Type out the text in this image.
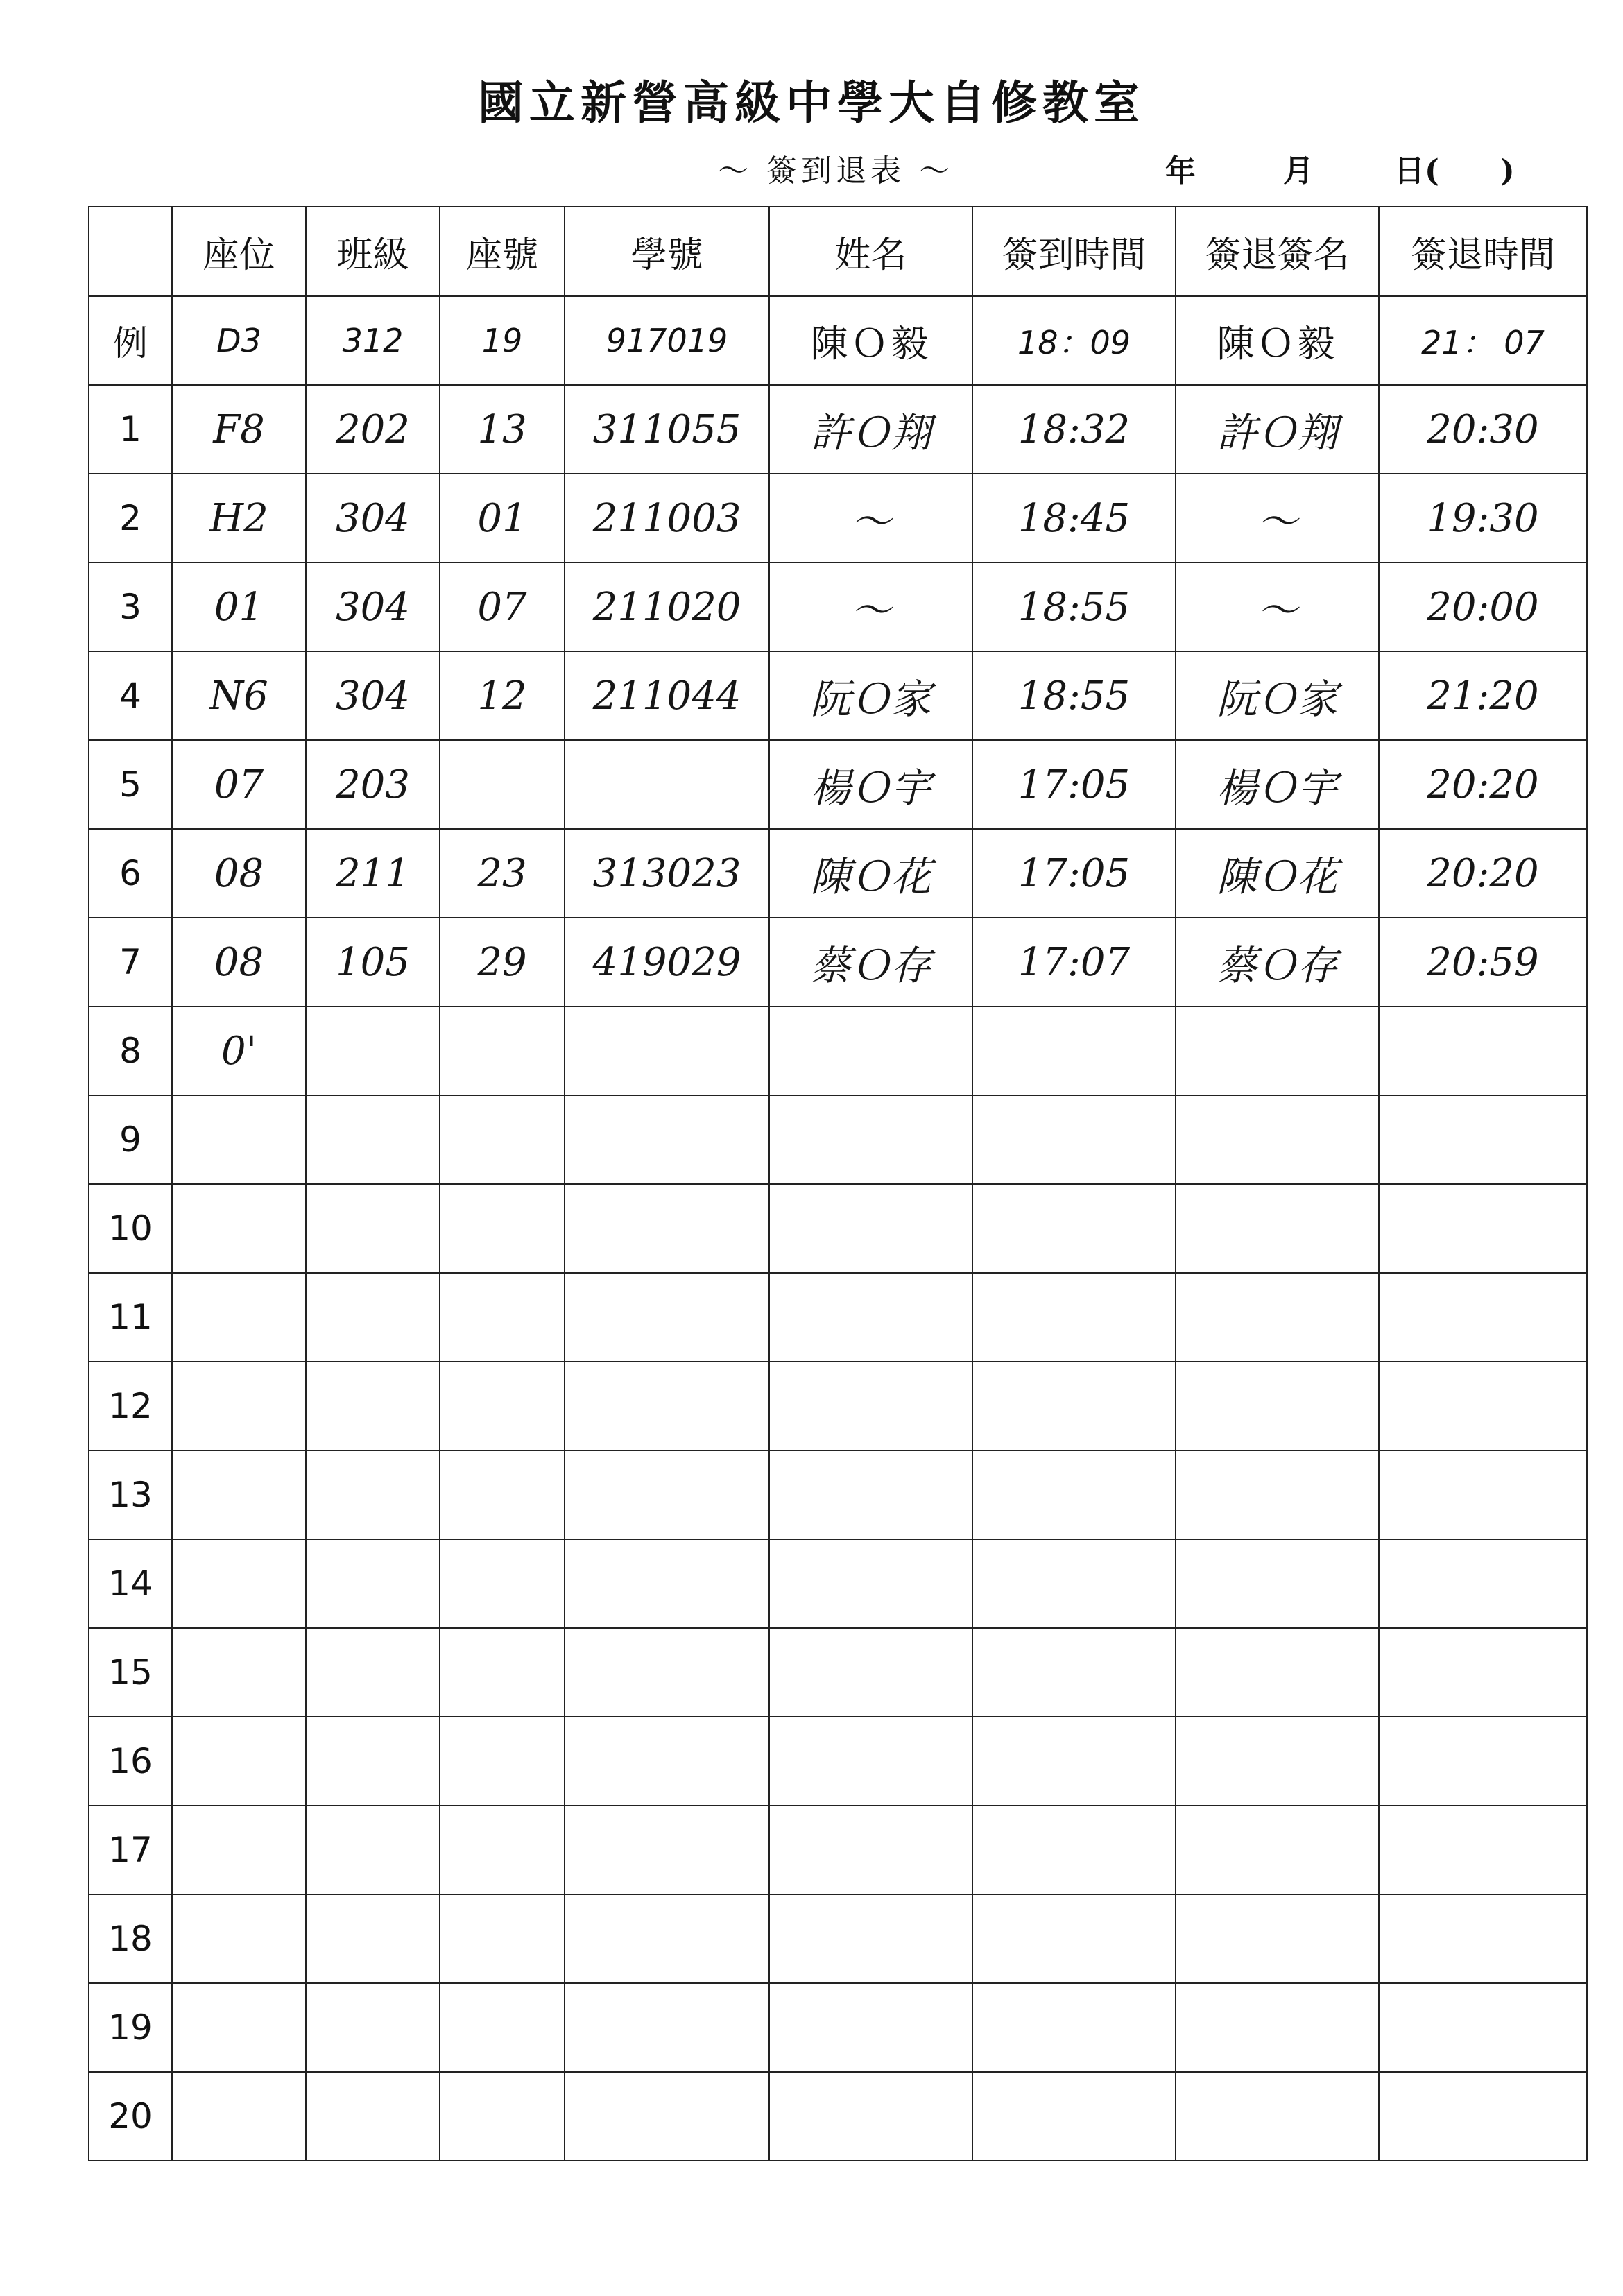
國立新營高級中學大自修教室
～ 簽到退表 ～	年	月	日(　　)
	座位	班級	座號	學號	姓名	簽到時間	簽退簽名	簽退時間
例	D3	312	19	917019	陳Ｏ毅	18：09	陳Ｏ毅	21： 07
1	F8	202	13	311055	許Ｏ翔	18:32	許Ｏ翔	20:30
2	H2	304	01	211003	～	18:45	～	19:30
3	01	304	07	211020	～	18:55	～	20:00
4	N6	304	12	211044	阮Ｏ家	18:55	阮Ｏ家	21:20
5	07	203			楊Ｏ宇	17:05	楊Ｏ宇	20:20
6	08	211	23	313023	陳Ｏ花	17:05	陳Ｏ花	20:20
7	08	105	29	419029	蔡Ｏ存	17:07	蔡Ｏ存	20:59
8	0'							
9								
10								
11								
12								
13								
14								
15								
16								
17								
18								
19								
20								
